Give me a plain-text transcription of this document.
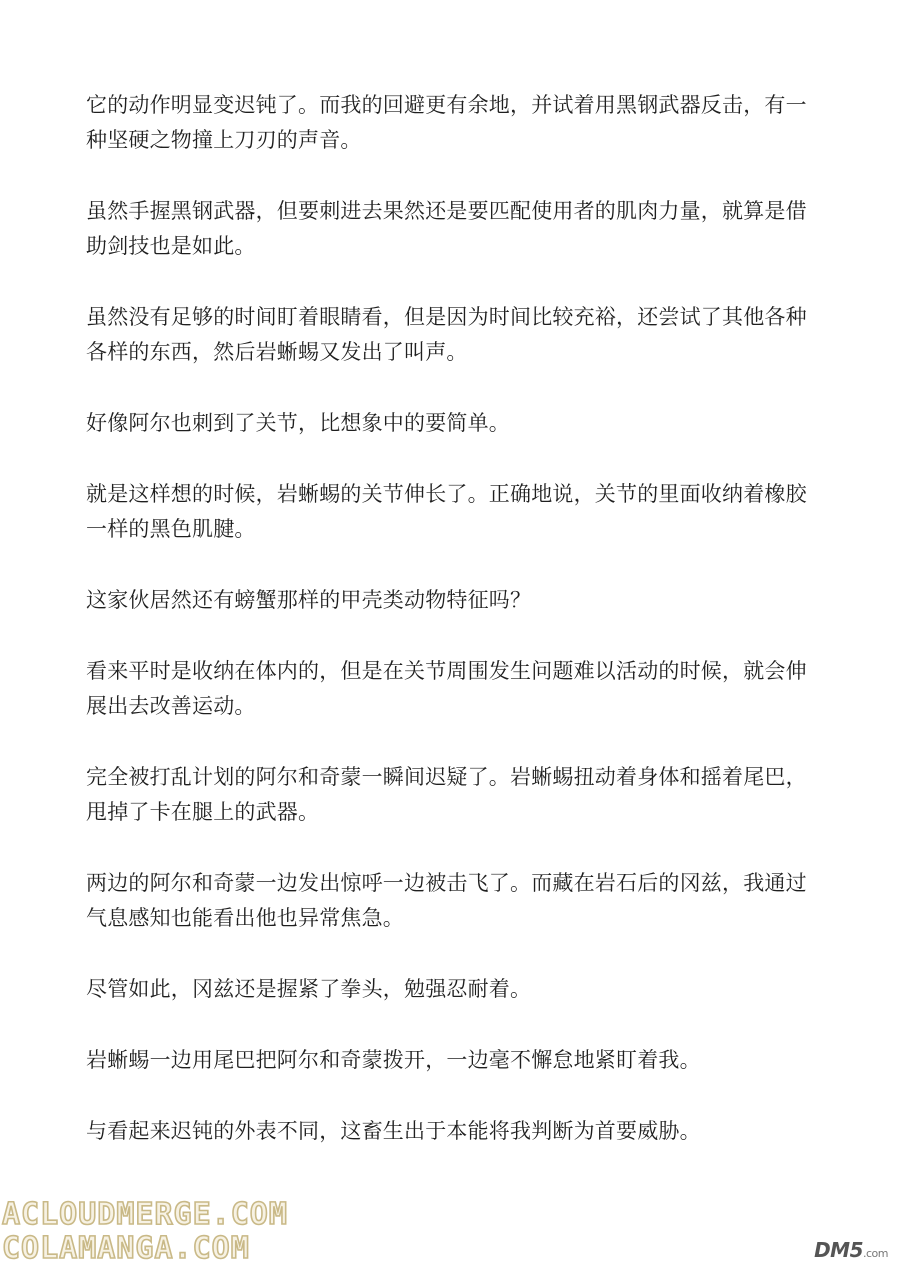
它的动作明显变迟钝了。而我的回避更有余地，并试着用黑钢武器反击，有一种坚硬之物撞上刀刃的声音。

虽然手握黑钢武器，但要刺进去果然还是要匹配使用者的肌肉力量，就算是借助剑技也是如此。

虽然没有足够的时间盯着眼睛看，但是因为时间比较充裕，还尝试了其他各种各样的东西，然后岩蜥蜴又发出了叫声。

好像阿尔也刺到了关节，比想象中的要简单。

就是这样想的时候，岩蜥蜴的关节伸长了。正确地说，关节的里面收纳着橡胶一样的黑色肌腱。

这家伙居然还有螃蟹那样的甲壳类动物特征吗？

看来平时是收纳在体内的，但是在关节周围发生问题难以活动的时候，就会伸展出去改善运动。

完全被打乱计划的阿尔和奇蒙一瞬间迟疑了。岩蜥蜴扭动着身体和摇着尾巴，甩掉了卡在腿上的武器。

两边的阿尔和奇蒙一边发出惊呼一边被击飞了。而藏在岩石后的冈兹，我通过气息感知也能看出他也异常焦急。

尽管如此，冈兹还是握紧了拳头，勉强忍耐着。

岩蜥蜴一边用尾巴把阿尔和奇蒙拨开，一边毫不懈怠地紧盯着我。

与看起来迟钝的外表不同，这畜生出于本能将我判断为首要威胁。

ACLOUDMERGE.COM
COLAMANGA.COM	DM5.com
